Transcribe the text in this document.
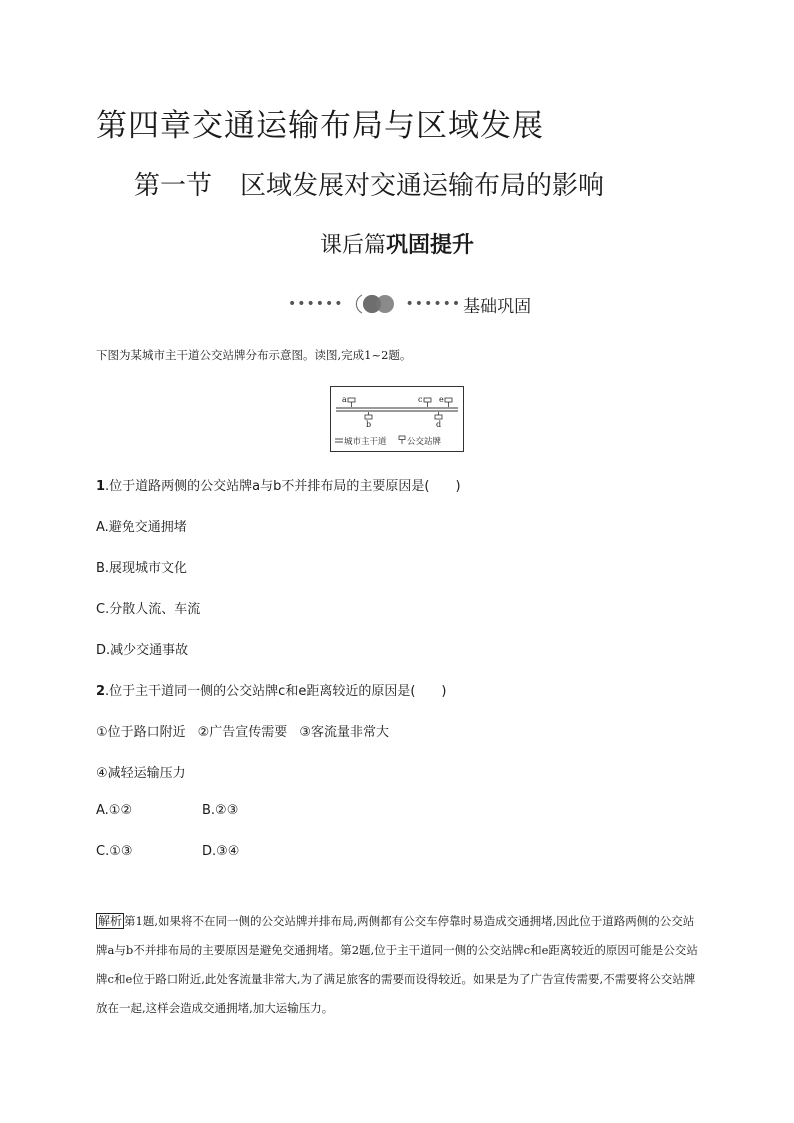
第四章交通运输布局与区域发展
第一节 区域发展对交通运输布局的影响
课后篇巩固提升
••••••	•••••• 基础巩固
下图为某城市主干道公交站牌分布示意图。读图,完成1~2题。
a
b
c
d
e
城市主干道 公交站牌
1.位于道路两侧的公交站牌a与b不并排布局的主要原因是(　　)
A.避免交通拥堵
B.展现城市文化
C.分散人流、车流
D.减少交通事故
2.位于主干道同一侧的公交站牌c和e距离较近的原因是(　　)
①位于路口附近 ②广告宣传需要 ③客流量非常大
④减轻运输压力
A.①②	B.②③
C.①③	D.③④
解析 第1题,如果将不在同一侧的公交站牌并排布局,两侧都有公交车停靠时易造成交通拥堵,因此位于道路两侧的公交站牌a与b不并排布局的主要原因是避免交通拥堵。第2题,位于主干道同一侧的公交站牌c和e距离较近的原因可能是公交站牌c和e位于路口附近,此处客流量非常大,为了满足旅客的需要而设得较近。如果是为了广告宣传需要,不需要将公交站牌放在一起,这样会造成交通拥堵,加大运输压力。
